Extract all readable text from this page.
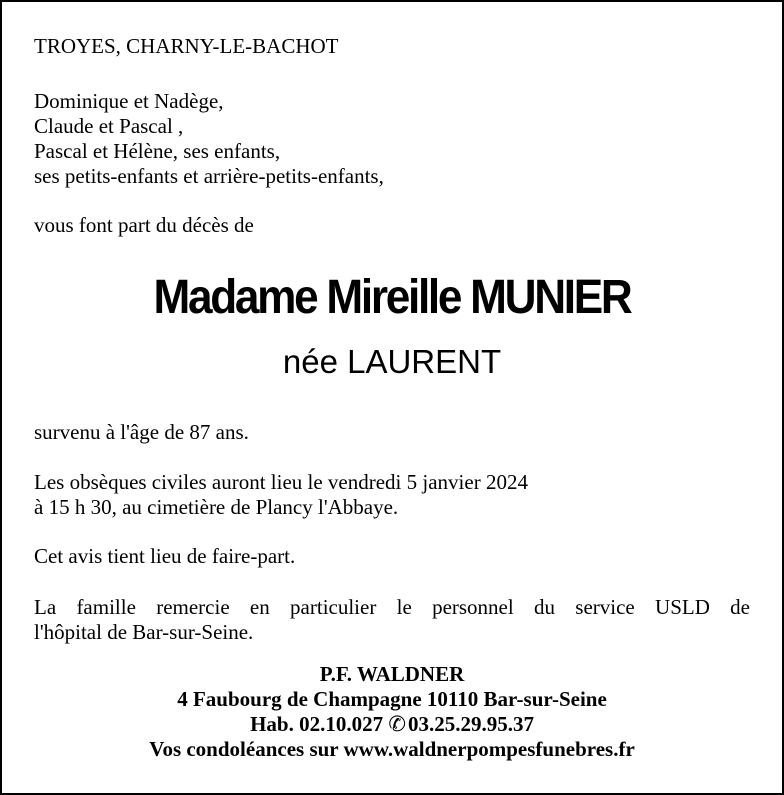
TROYES, CHARNY-LE-BACHOT
Dominique et Nadège,
Claude et Pascal ,
Pascal et Hélène, ses enfants,
ses petits-enfants et arrière-petits-enfants,
vous font part du décès de
Madame Mireille MUNIER
née LAURENT
survenu à l'âge de 87 ans.
Les obsèques civiles auront lieu le vendredi 5 janvier 2024
à 15 h 30, au cimetière de Plancy l'Abbaye.
Cet avis tient lieu de faire-part.
La famille remercie en particulier le personnel du service USLD de
l'hôpital de Bar-sur-Seine.
P.F. WALDNER
4 Faubourg de Champagne 10110 Bar-sur-Seine
Hab. 02.10.027 ✆03.25.29.95.37
Vos condoléances sur www.waldnerpompesfunebres.fr
